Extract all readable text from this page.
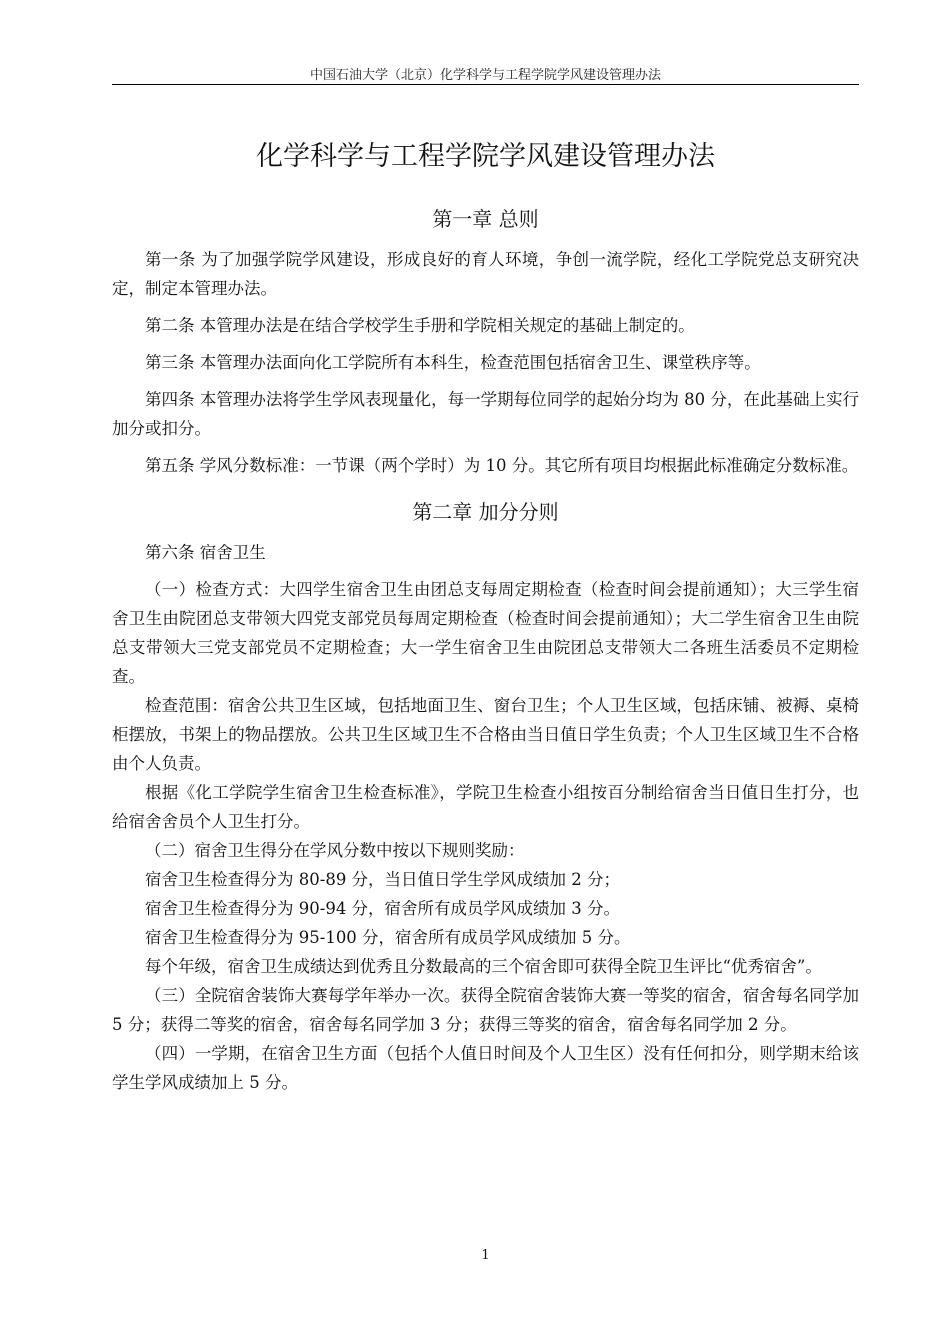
中国石油大学（北京）化学科学与工程学院学风建设管理办法
化学科学与工程学院学风建设管理办法
第一章 总则

第一条 为了加强学院学风建设，形成良好的育人环境，争创一流学院，经化工学院党总支研究决定，制定本管理办法。

第二条 本管理办法是在结合学校学生手册和学院相关规定的基础上制定的。

第三条 本管理办法面向化工学院所有本科生，检查范围包括宿舍卫生、课堂秩序等。

第四条 本管理办法将学生学风表现量化，每一学期每位同学的起始分均为 80 分，在此基础上实行加分或扣分。

第五条 学风分数标准：一节课（两个学时）为 10 分。其它所有项目均根据此标准确定分数标准。

第二章 加分分则

第六条 宿舍卫生

（一）检查方式：大四学生宿舍卫生由团总支每周定期检查（检查时间会提前通知）；大三学生宿舍卫生由院团总支带领大四党支部党员每周定期检查（检查时间会提前通知）；大二学生宿舍卫生由院总支带领大三党支部党员不定期检查；大一学生宿舍卫生由院团总支带领大二各班生活委员不定期检查。

检查范围：宿舍公共卫生区域，包括地面卫生、窗台卫生；个人卫生区域，包括床铺、被褥、桌椅柜摆放，书架上的物品摆放。公共卫生区域卫生不合格由当日值日学生负责；个人卫生区域卫生不合格由个人负责。

根据《化工学院学生宿舍卫生检查标准》，学院卫生检查小组按百分制给宿舍当日值日生打分，也给宿舍舍员个人卫生打分。

（二）宿舍卫生得分在学风分数中按以下规则奖励：

宿舍卫生检查得分为 80-89 分，当日值日学生学风成绩加 2 分；

宿舍卫生检查得分为 90-94 分，宿舍所有成员学风成绩加 3 分。

宿舍卫生检查得分为 95-100 分，宿舍所有成员学风成绩加 5 分。

每个年级，宿舍卫生成绩达到优秀且分数最高的三个宿舍即可获得全院卫生评比“优秀宿舍”。

（三）全院宿舍装饰大赛每学年举办一次。获得全院宿舍装饰大赛一等奖的宿舍，宿舍每名同学加 5 分；获得二等奖的宿舍，宿舍每名同学加 3 分；获得三等奖的宿舍，宿舍每名同学加 2 分。

（四）一学期，在宿舍卫生方面（包括个人值日时间及个人卫生区）没有任何扣分，则学期末给该学生学风成绩加上 5 分。

1
